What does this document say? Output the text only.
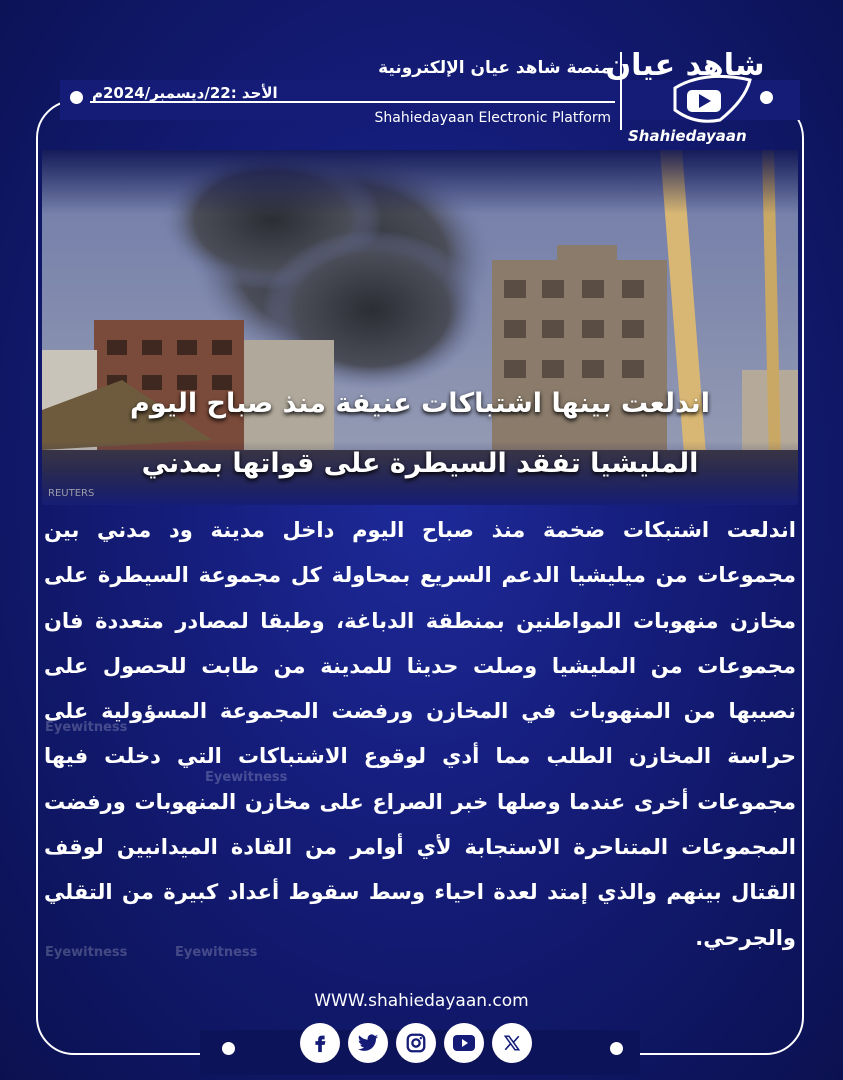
منصة شاهد عيان الإلكترونية
الأحد :22/ديسمبر/2024م
Shahiedayaan Electronic Platform
شاهد عيان
Shahiedayaan
اندلعت بينها اشتباكات عنيفة منذ صباح اليوم
المليشيا تفقد السيطرة على قواتها بمدني
REUTERS
Eyewitness
Eyewitness
Eyewitness
Eyewitness
اندلعت اشتبكات ضخمة منذ صباح اليوم داخل مدينة ود مدني بين مجموعات من ميليشيا الدعم السريع بمحاولة كل مجموعة السيطرة على مخازن منهوبات المواطنين بمنطقة الدباغة، وطبقا لمصادر متعددة فان مجموعات من المليشيا وصلت حديثا للمدينة من طابت للحصول على نصيبها من المنهوبات في المخازن ورفضت المجموعة المسؤولية على حراسة المخازن الطلب مما أدي لوقوع الاشتباكات التي دخلت فيها مجموعات أخرى عندما وصلها خبر الصراع على مخازن المنهوبات ورفضت المجموعات المتناحرة الاستجابة لأي أوامر من القادة الميدانيين لوقف القتال بينهم والذي إمتد لعدة احياء وسط سقوط أعداد كبيرة من التقلي والجرحي.
WWW.shahiedayaan.com
